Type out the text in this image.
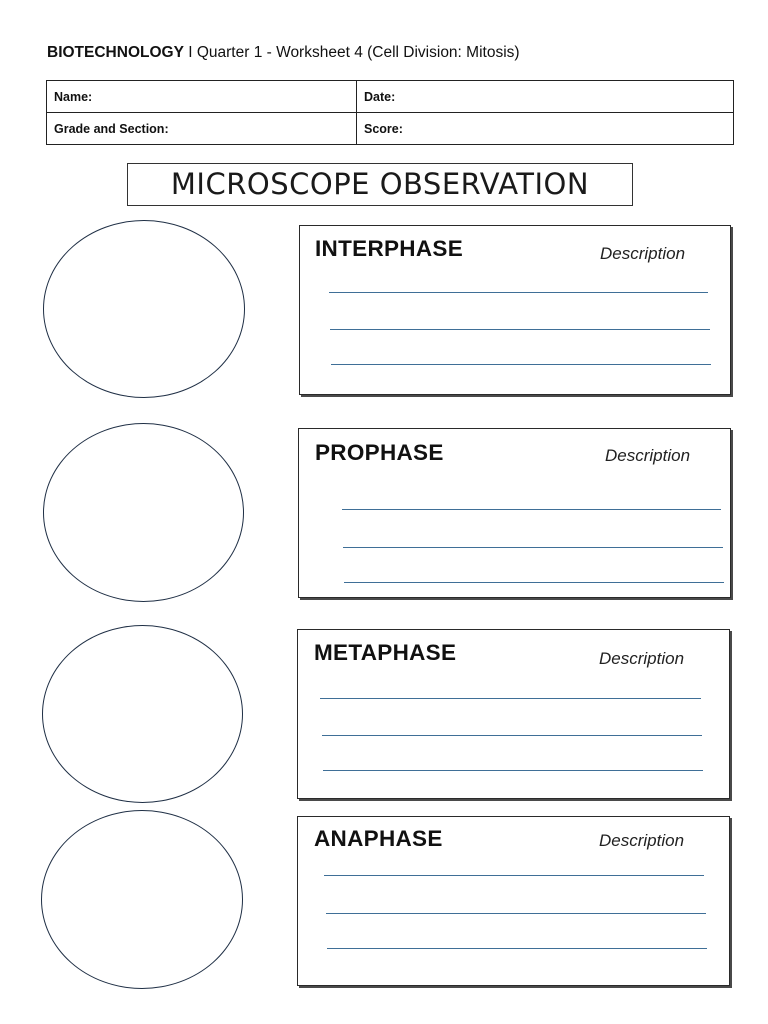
BIOTECHNOLOGY I Quarter 1 - Worksheet 4 (Cell Division: Mitosis)
Name:	Date:
Grade and Section:	Score:
MICROSCOPE OBSERVATION
INTERPHASE	Description
PROPHASE	Description
METAPHASE	Description
ANAPHASE	Description
